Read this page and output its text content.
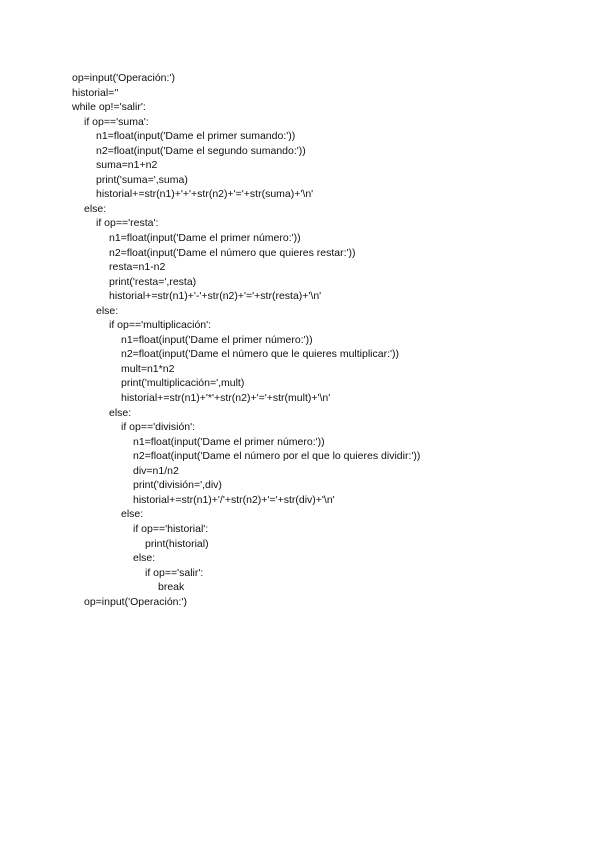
op=input('Operación:')
historial=''
while op!='salir':
if op=='suma':
n1=float(input('Dame el primer sumando:'))
n2=float(input('Dame el segundo sumando:'))
suma=n1+n2
print('suma=',suma)
historial+=str(n1)+'+'+str(n2)+'='+str(suma)+'\n'
else:
if op=='resta':
n1=float(input('Dame el primer número:'))
n2=float(input('Dame el número que quieres restar:'))
resta=n1-n2
print('resta=',resta)
historial+=str(n1)+'-'+str(n2)+'='+str(resta)+'\n'
else:
if op=='multiplicación':
n1=float(input('Dame el primer número:'))
n2=float(input('Dame el número que le quieres multiplicar:'))
mult=n1*n2
print('multiplicación=',mult)
historial+=str(n1)+'*'+str(n2)+'='+str(mult)+'\n'
else:
if op=='división':
n1=float(input('Dame el primer número:'))
n2=float(input('Dame el número por el que lo quieres dividir:'))
div=n1/n2
print('división=',div)
historial+=str(n1)+'/'+str(n2)+'='+str(div)+'\n'
else:
if op=='historial':
print(historial)
else:
if op=='salir':
break
op=input('Operación:')
